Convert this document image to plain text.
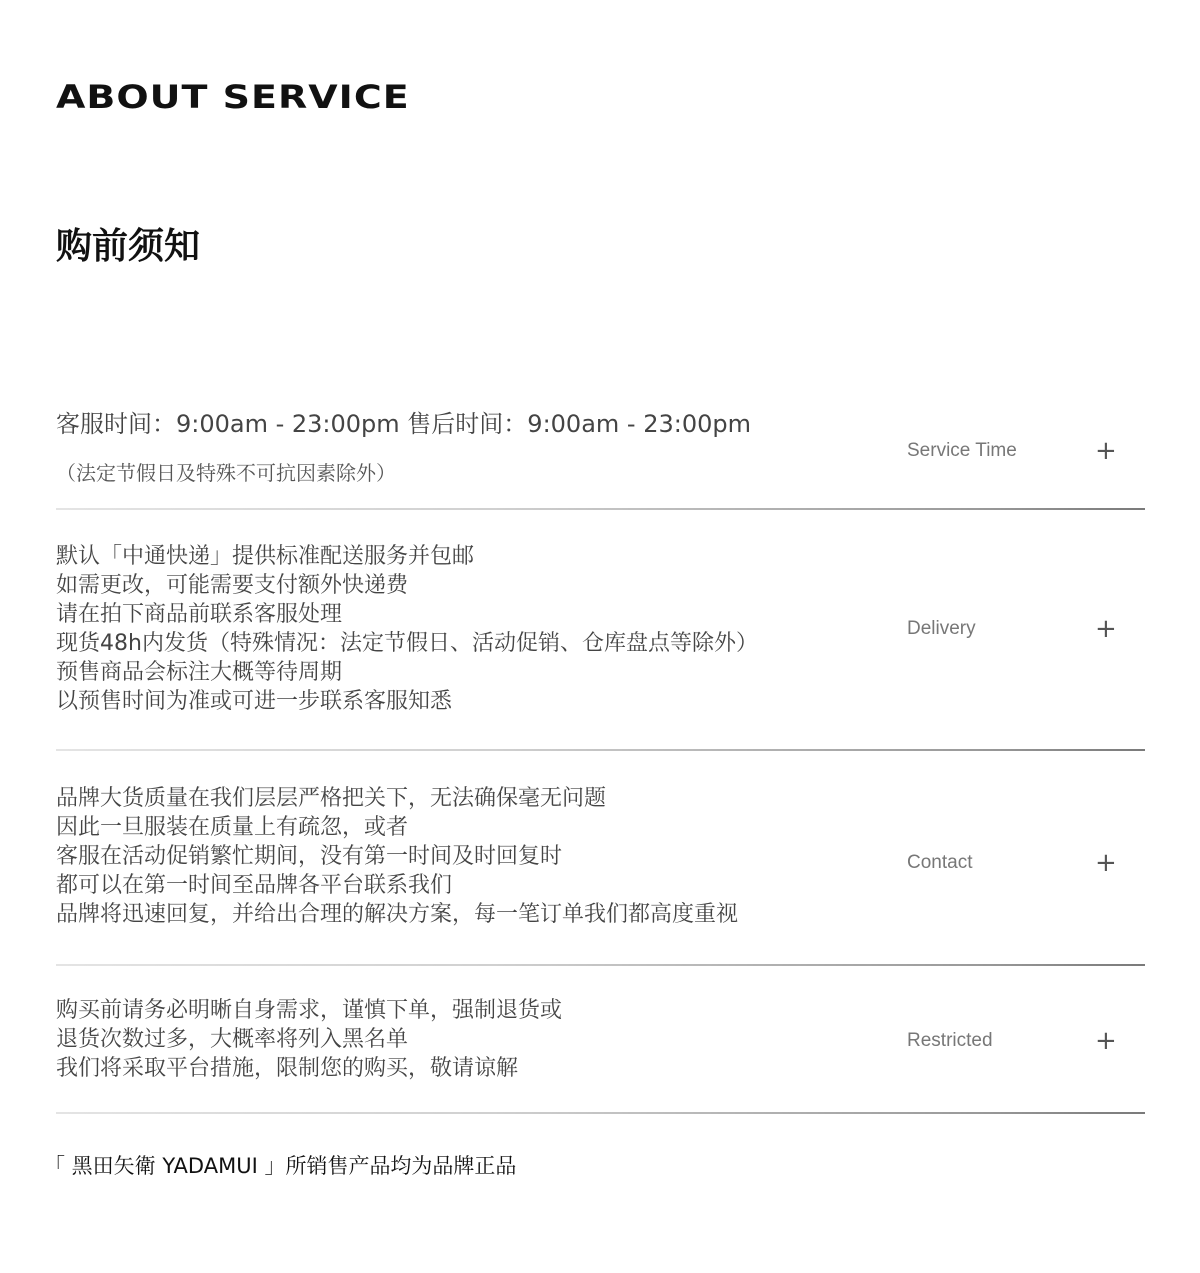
ABOUT SERVICE
购前须知
客服时间：9:00am - 23:00pm 售后时间：9:00am - 23:00pm
（法定节假日及特殊不可抗因素除外）
Service Time	+
默认「中通快递」提供标准配送服务并包邮
如需更改，可能需要支付额外快递费
请在拍下商品前联系客服处理
现货48h内发货（特殊情况：法定节假日、活动促销、仓库盘点等除外）
预售商品会标注大概等待周期
以预售时间为准或可进一步联系客服知悉
Delivery	+
品牌大货质量在我们层层严格把关下，无法确保毫无问题
因此一旦服装在质量上有疏忽，或者
客服在活动促销繁忙期间，没有第一时间及时回复时
都可以在第一时间至品牌各平台联系我们
品牌将迅速回复，并给出合理的解决方案，每一笔订单我们都高度重视
Contact	+
购买前请务必明晰自身需求，谨慎下单，强制退货或
退货次数过多，大概率将列入黑名单
我们将采取平台措施，限制您的购买，敬请谅解
Restricted	+
「 黑田矢衛 YADAMUI 」所销售产品均为品牌正品
